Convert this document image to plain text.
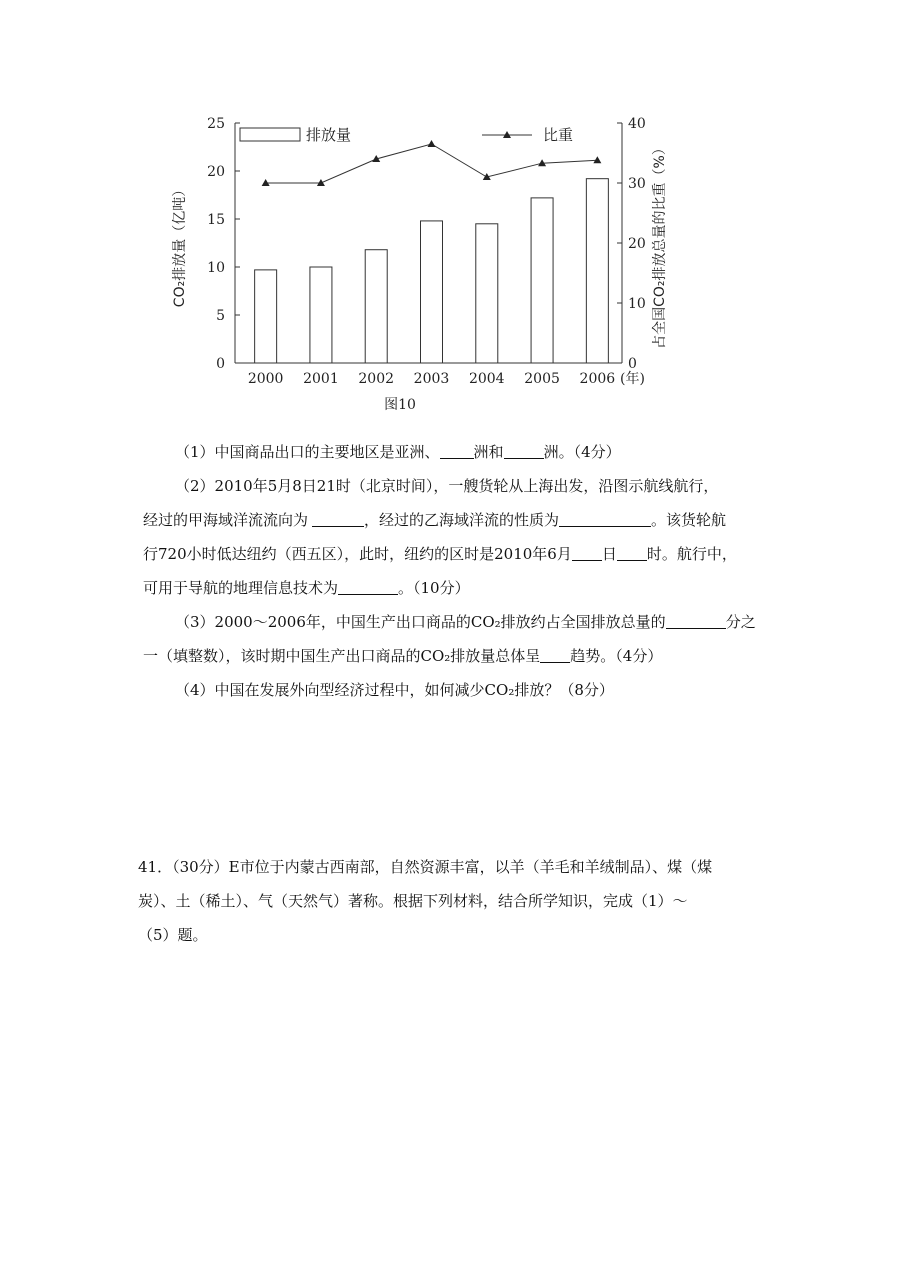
0
5
10
15
20
25
0
10
20
30
40
2000 2001 2002 2003 2004 2005 2006
排放量	比重
CO₂排放量（亿吨）	占全国CO₂排放总量的比重（%）
(年)
图10

（1）中国商品出口的主要地区是亚洲、 洲和	洲。（4分）

（2）2010年5月8日21时（北京时间），一艘货轮从上海出发，沿图示航线航行，

经过的甲海域洋流流向为	，经过的乙海域洋流的性质为	。该货轮航

行720小时低达纽约（西五区），此时，纽约的区时是2010年6月 日 时。航行中，

可用于导航的地理信息技术为	。（10分）

（3）2000～2006年，中国生产出口商品的CO₂排放约占全国排放总量的	分之

一（填整数），该时期中国生产出口商品的CO₂排放量总体呈 趋势。（4分）

（4）中国在发展外向型经济过程中，如何减少CO₂排放？（8分）

41．（30分）E市位于内蒙古西南部，自然资源丰富，以羊（羊毛和羊绒制品）、煤（煤

炭）、土（稀土）、气（天然气）著称。根据下列材料，结合所学知识，完成（1）～

（5）题。
